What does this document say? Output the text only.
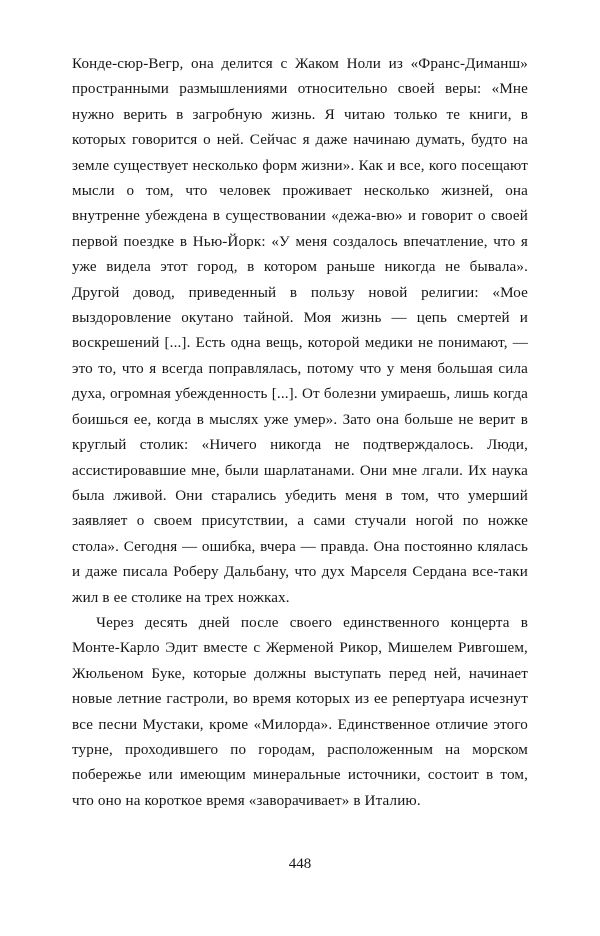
Конде-сюр-Вегр, она делится с Жаком Ноли из «Франс-Диманш» пространными размышлениями относительно своей веры: «Мне нужно верить в загробную жизнь. Я читаю только те книги, в которых говорится о ней. Сейчас я даже начинаю думать, будто на земле существует несколько форм жизни». Как и все, кого посещают мысли о том, что человек проживает несколько жизней, она внутренне убеждена в существовании «дежа-вю» и говорит о своей первой поездке в Нью-Йорк: «У меня создалось впечатление, что я уже видела этот город, в котором раньше никогда не бывала». Другой довод, приведенный в пользу новой религии: «Мое выздоровление окутано тайной. Моя жизнь — цепь смертей и воскрешений [...]. Есть одна вещь, которой медики не понимают, — это то, что я всегда поправлялась, потому что у меня большая сила духа, огромная убежденность [...]. От болезни умираешь, лишь когда боишься ее, когда в мыслях уже умер». Зато она больше не верит в круглый столик: «Ничего никогда не подтверждалось. Люди, ассистировавшие мне, были шарлатанами. Они мне лгали. Их наука была лживой. Они старались убедить меня в том, что умерший заявляет о своем присутствии, а сами стучали ногой по ножке стола». Сегодня — ошибка, вчера — правда. Она постоянно клялась и даже писала Роберу Дальбану, что дух Марселя Сердана все-таки жил в ее столике на трех ножках.

Через десять дней после своего единственного концерта в Монте-Карло Эдит вместе с Жерменой Рикор, Мишелем Ривгошем, Жюльеном Буке, которые должны выступать перед ней, начинает новые летние гастроли, во время которых из ее репертуара исчезнут все песни Мустаки, кроме «Милорда». Единственное отличие этого турне, проходившего по городам, расположенным на морском побережье или имеющим минеральные источники, состоит в том, что оно на короткое время «заворачивает» в Италию.

448
